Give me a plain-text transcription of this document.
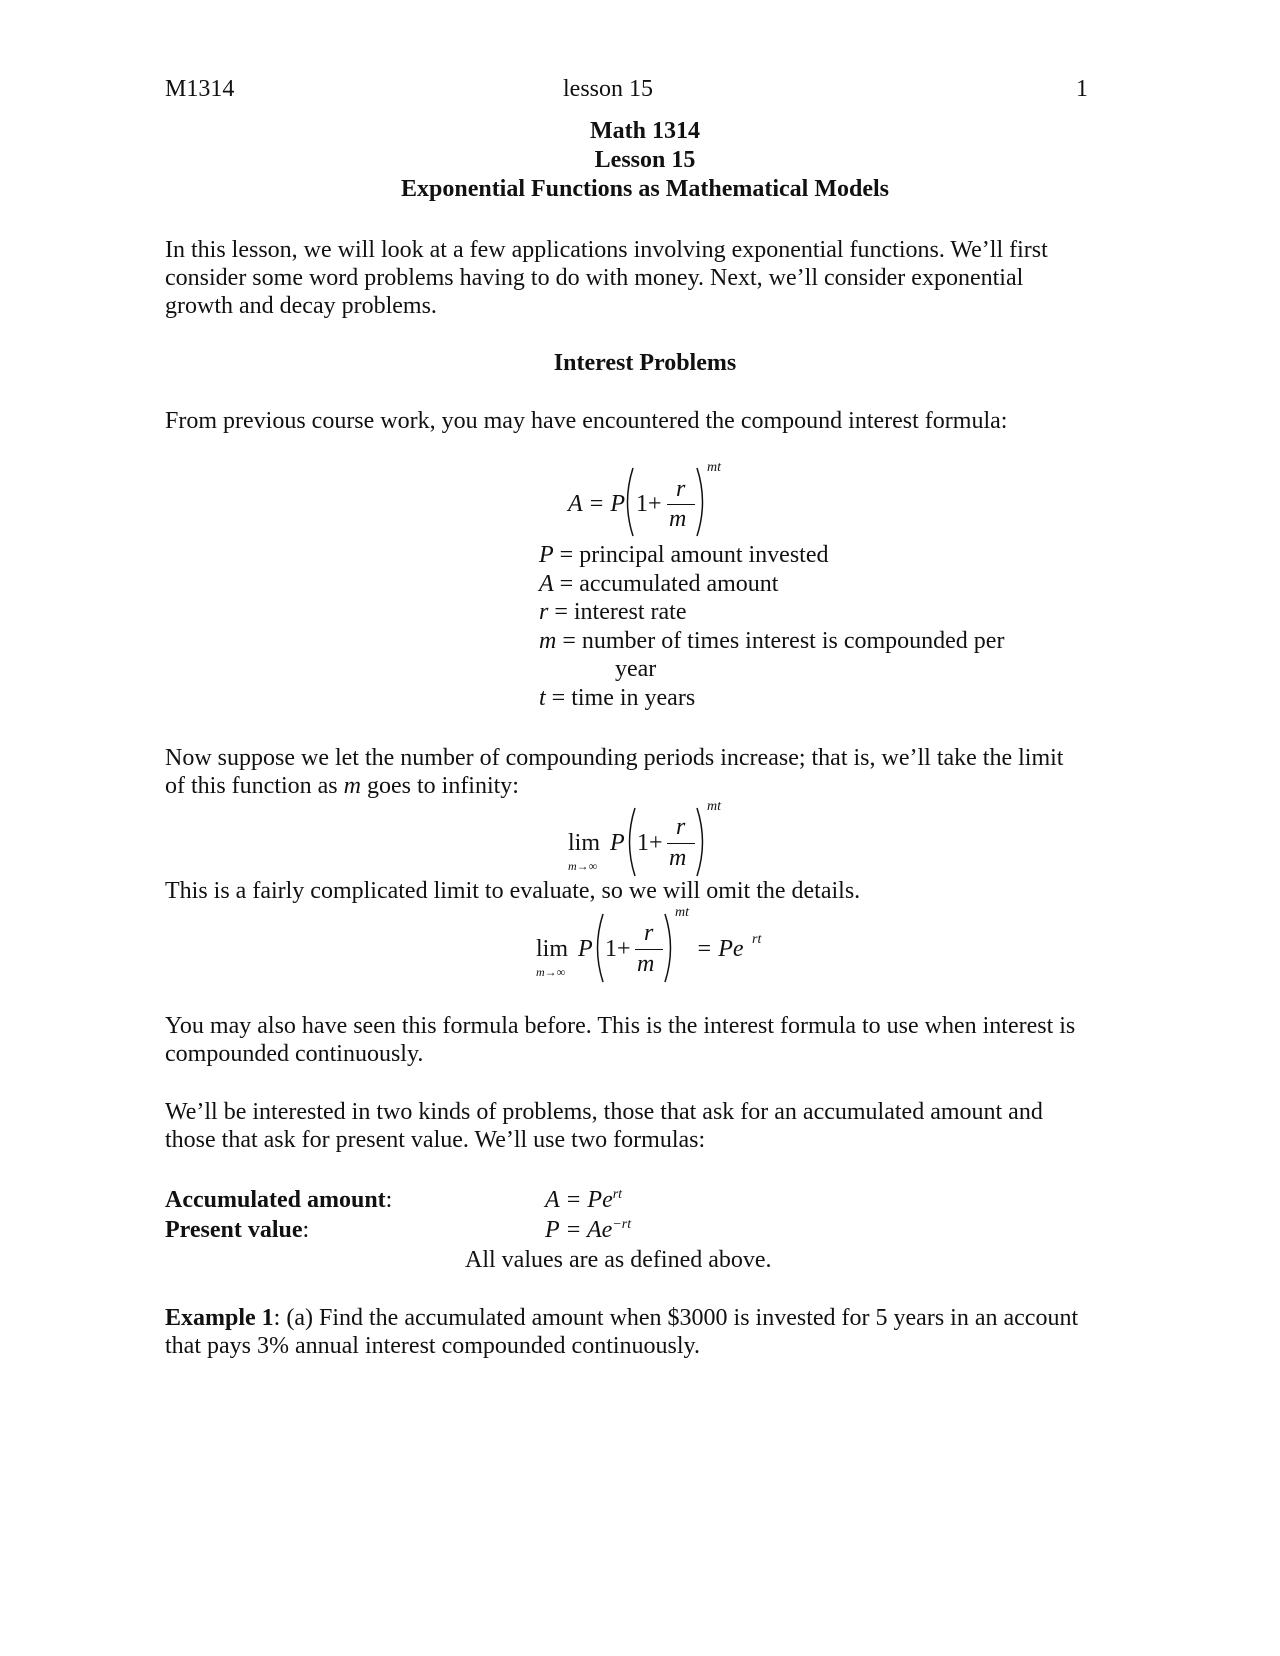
M1314	lesson 15	1
Math 1314
Lesson 15
Exponential Functions as Mathematical Models
In this lesson, we will look at a few applications involving exponential functions. We’ll first
consider some word problems having to do with money. Next, we’ll consider exponential
growth and decay problems.
Interest Problems
From previous course work, you may have encountered the compound interest formula:
A = P 1+
r
m
mt
P = principal amount invested
A = accumulated amount
r = interest rate
m = number of times interest is compounded per
year
t = time in years
Now suppose we let the number of compounding periods increase; that is, we’ll take the limit
of this function as m goes to infinity:
lim
m→∞
P 1+
r
m
mt
This is a fairly complicated limit to evaluate, so we will omit the details.
lim
m→∞
P 1+
r
m
mt
= Pe rt
You may also have seen this formula before. This is the interest formula to use when interest is
compounded continuously.
We’ll be interested in two kinds of problems, those that ask for an accumulated amount and
those that ask for present value. We’ll use two formulas:
Accumulated amount:	$A = Pe^{rt}$
Present value:	$P = Ae^{-rt}$
All values are as defined above.
Example 1: (a) Find the accumulated amount when $3000 is invested for 5 years in an account
that pays 3% annual interest compounded continuously.
